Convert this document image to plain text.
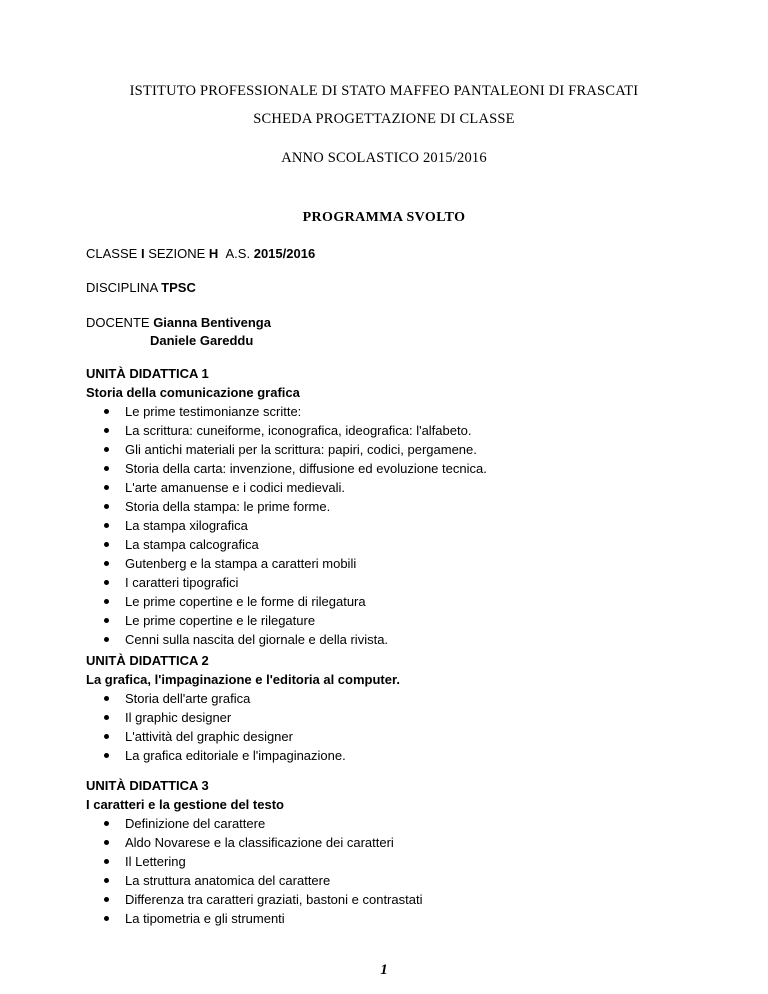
ISTITUTO PROFESSIONALE DI STATO MAFFEO PANTALEONI DI FRASCATI
SCHEDA PROGETTAZIONE DI CLASSE
ANNO SCOLASTICO 2015/2016
PROGRAMMA SVOLTO
CLASSE I SEZIONE H A.S. 2015/2016
DISCIPLINA TPSC
DOCENTE Gianna Bentivenga
Daniele Gareddu
UNITÀ DIDATTICA 1
Storia della comunicazione grafica
Le prime testimonianze scritte:
La scrittura: cuneiforme, iconografica, ideografica: l'alfabeto.
Gli antichi materiali per la scrittura: papiri, codici, pergamene.
Storia della carta: invenzione, diffusione ed evoluzione tecnica.
L'arte amanuense e i codici medievali.
Storia della stampa: le prime forme.
La stampa xilografica
La stampa calcografica
Gutenberg e la stampa a caratteri mobili
I caratteri tipografici
Le prime copertine e le forme di rilegatura
Le prime copertine e le rilegature
Cenni sulla nascita del giornale e della rivista.
UNITÀ DIDATTICA 2
La grafica, l'impaginazione e l'editoria al computer.
Storia dell'arte grafica
Il graphic designer
L'attività del graphic designer
La grafica editoriale e l'impaginazione.
UNITÀ DIDATTICA 3
I caratteri e la gestione del testo
Definizione del carattere
Aldo Novarese e la classificazione dei caratteri
Il Lettering
La struttura anatomica del carattere
Differenza tra caratteri graziati, bastoni e contrastati
La tipometria e gli strumenti
1
